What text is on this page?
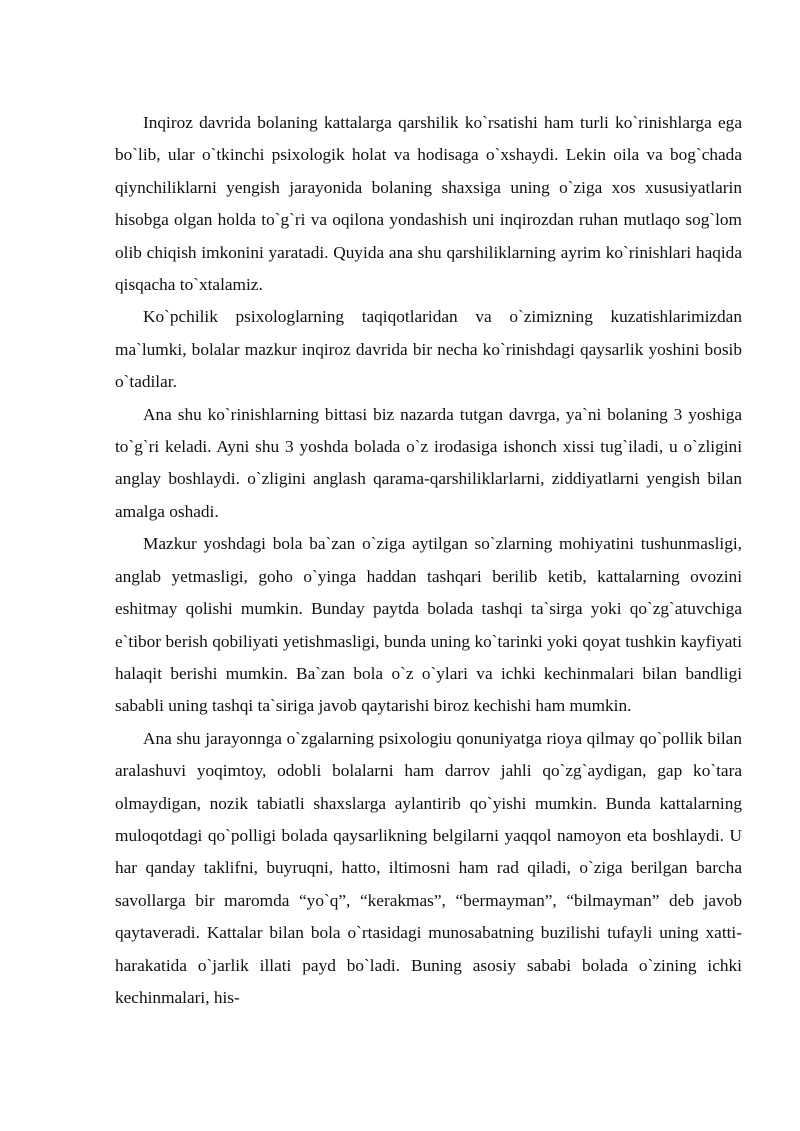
Inqiroz davrida bolaning kattalarga qarshilik ko`rsatishi ham turli ko`rinishlarga ega bo`lib, ular o`tkinchi psixologik holat va hodisaga o`xshaydi. Lekin oila va bog`chada qiynchiliklarni yengish jarayonida bolaning shaxsiga uning o`ziga xos xususiyatlarin hisobga olgan holda to`g`ri va oqilona yondashish uni inqirozdan ruhan mutlaqo sog`lom olib chiqish imkonini yaratadi. Quyida ana shu qarshiliklarning ayrim ko`rinishlari haqida qisqacha to`xtalamiz.

Ko`pchilik psixologlarning taqiqotlaridan va o`zimizning kuzatishlarimizdan ma`lumki, bolalar mazkur inqiroz davrida bir necha ko`rinishdagi qaysarlik yoshini bosib o`tadilar.

Ana shu ko`rinishlarning bittasi biz nazarda tutgan davrga, ya`ni bolaning 3 yoshiga to`g`ri keladi. Ayni shu 3 yoshda bolada o`z irodasiga ishonch xissi tug`iladi, u o`zligini anglay boshlaydi. o`zligini anglash qarama-qarshiliklarlarni, ziddiyatlarni yengish bilan amalga oshadi.

Mazkur yoshdagi bola ba`zan o`ziga aytilgan so`zlarning mohiyatini tushunmasligi, anglab yetmasligi, goho o`yinga haddan tashqari berilib ketib, kattalarning ovozini eshitmay qolishi mumkin. Bunday paytda bolada tashqi ta`sirga yoki qo`zg`atuvchiga e`tibor berish qobiliyati yetishmasligi, bunda uning ko`tarinki yoki qoyat tushkin kayfiyati halaqit berishi mumkin. Ba`zan bola o`z o`ylari va ichki kechinmalari bilan bandligi sababli uning tashqi ta`siriga javob qaytarishi biroz kechishi ham mumkin.

Ana shu jarayonnga o`zgalarning psixologiu qonuniyatga rioya qilmay qo`pollik bilan aralashuvi yoqimtoy, odobli bolalarni ham darrov jahli qo`zg`aydigan, gap ko`tara olmaydigan, nozik tabiatli shaxslarga aylantirib qo`yishi mumkin. Bunda kattalarning muloqotdagi qo`polligi bolada qaysarlikning belgilarni yaqqol namoyon eta boshlaydi. U har qanday taklifni, buyruqni, hatto, iltimosni ham rad qiladi, o`ziga berilgan barcha savollarga bir maromda “yo`q”, “kerakmas”, “bermayman”, “bilmayman” deb javob qaytaveradi. Kattalar bilan bola o`rtasidagi munosabatning buzilishi tufayli uning xatti-harakatida o`jarlik illati payd bo`ladi. Buning asosiy sababi bolada o`zining ichki kechinmalari, his-
